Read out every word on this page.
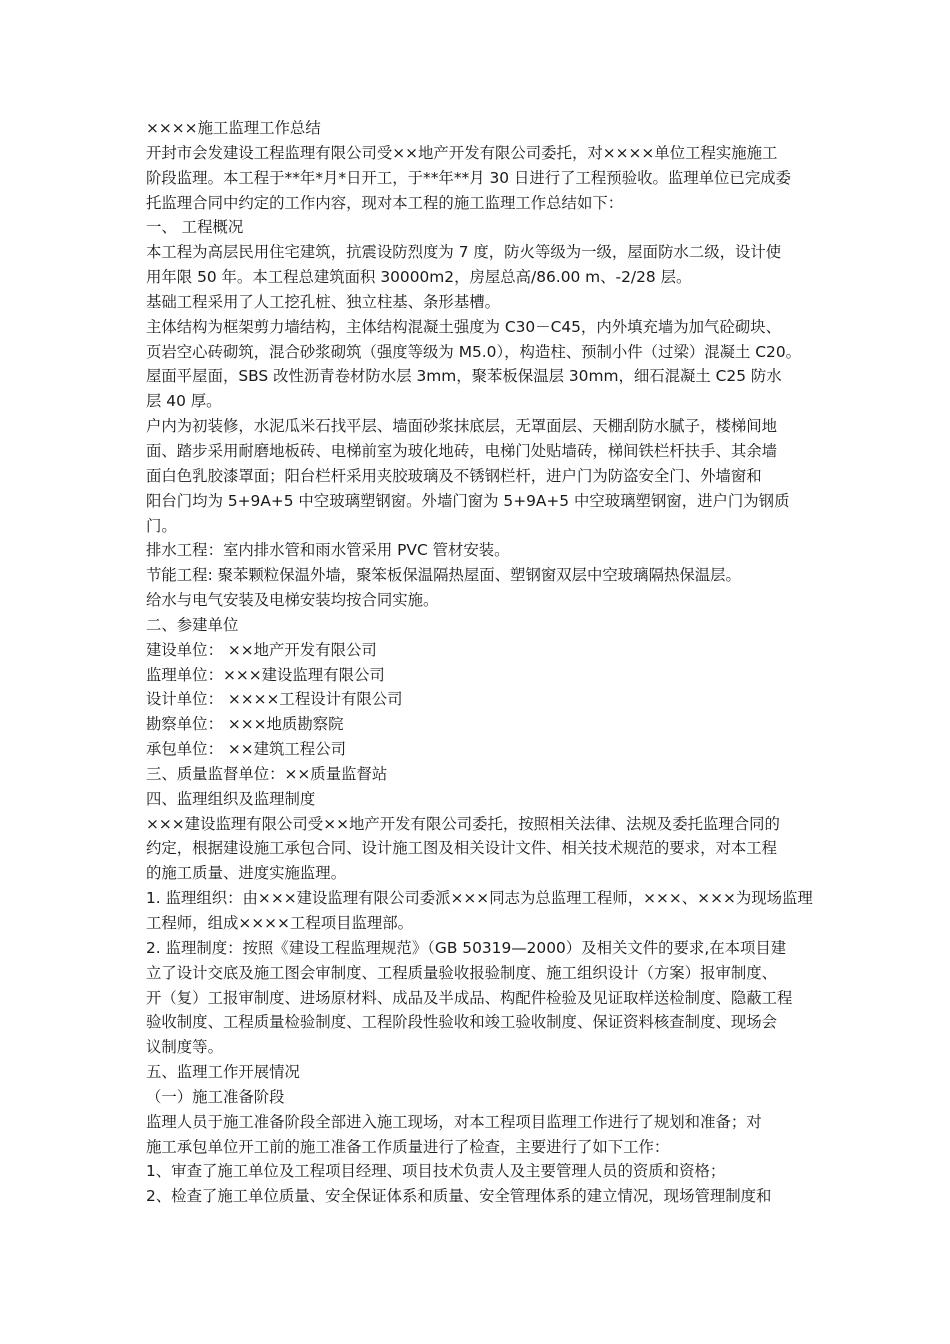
××××施工监理工作总结
开封市会发建设工程监理有限公司受××地产开发有限公司委托，对××××单位工程实施施工
阶段监理。本工程于**年*月*日开工，于**年**月 30 日进行了工程预验收。监理单位已完成委
托监理合同中约定的工作内容，现对本工程的施工监理工作总结如下：
一、 工程概况
本工程为高层民用住宅建筑，抗震设防烈度为 7 度，防火等级为一级，屋面防水二级，设计使
用年限 50 年。本工程总建筑面积 30000m2，房屋总高/86.00 m、-2/28 层。
基础工程采用了人工挖孔桩、独立柱基、条形基槽。
主体结构为框架剪力墙结构，主体结构混凝土强度为 C30－C45，内外填充墙为加气砼砌块、
页岩空心砖砌筑，混合砂浆砌筑（强度等级为 M5.0），构造柱、预制小件（过梁）混凝土 C20。
屋面平屋面，SBS 改性沥青卷材防水层 3mm，聚苯板保温层 30mm，细石混凝土 C25 防水
层 40 厚。
户内为初装修，水泥瓜米石找平层、墙面砂浆抹底层，无罩面层、天棚刮防水腻子，楼梯间地
面、踏步采用耐磨地板砖、电梯前室为玻化地砖，电梯门处贴墙砖，梯间铁栏杆扶手、其余墙
面白色乳胶漆罩面；阳台栏杆采用夹胶玻璃及不锈钢栏杆，进户门为防盗安全门、外墙窗和
阳台门均为 5+9A+5 中空玻璃塑钢窗。外墙门窗为 5+9A+5 中空玻璃塑钢窗，进户门为钢质
门。
排水工程：室内排水管和雨水管采用 PVC 管材安装。
节能工程: 聚苯颗粒保温外墙，聚笨板保温隔热屋面、塑钢窗双层中空玻璃隔热保温层。
给水与电气安装及电梯安装均按合同实施。
二、参建单位
建设单位： ××地产开发有限公司
监理单位：×××建设监理有限公司
设计单位： ××××工程设计有限公司
勘察单位： ×××地质勘察院
承包单位： ××建筑工程公司
三、质量监督单位：××质量监督站
四、监理组织及监理制度
×××建设监理有限公司受××地产开发有限公司委托，按照相关法律、法规及委托监理合同的
约定，根据建设施工承包合同、设计施工图及相关设计文件、相关技术规范的要求，对本工程
的施工质量、进度实施监理。
1. 监理组织：由×××建设监理有限公司委派×××同志为总监理工程师，×××、×××为现场监理
工程师，组成××××工程项目监理部。
2. 监理制度：按照《建设工程监理规范》（GB 50319—2000）及相关文件的要求,在本项目建
立了设计交底及施工图会审制度、工程质量验收报验制度、施工组织设计（方案）报审制度、
开（复）工报审制度、进场原材料、成品及半成品、构配件检验及见证取样送检制度、隐蔽工程
验收制度、工程质量检验制度、工程阶段性验收和竣工验收制度、保证资料核查制度、现场会
议制度等。
五、监理工作开展情况
（一）施工准备阶段
监理人员于施工准备阶段全部进入施工现场，对本工程项目监理工作进行了规划和准备；对
施工承包单位开工前的施工准备工作质量进行了检查，主要进行了如下工作：
1、审查了施工单位及工程项目经理、项目技术负责人及主要管理人员的资质和资格；
2、检查了施工单位质量、安全保证体系和质量、安全管理体系的建立情况，现场管理制度和
